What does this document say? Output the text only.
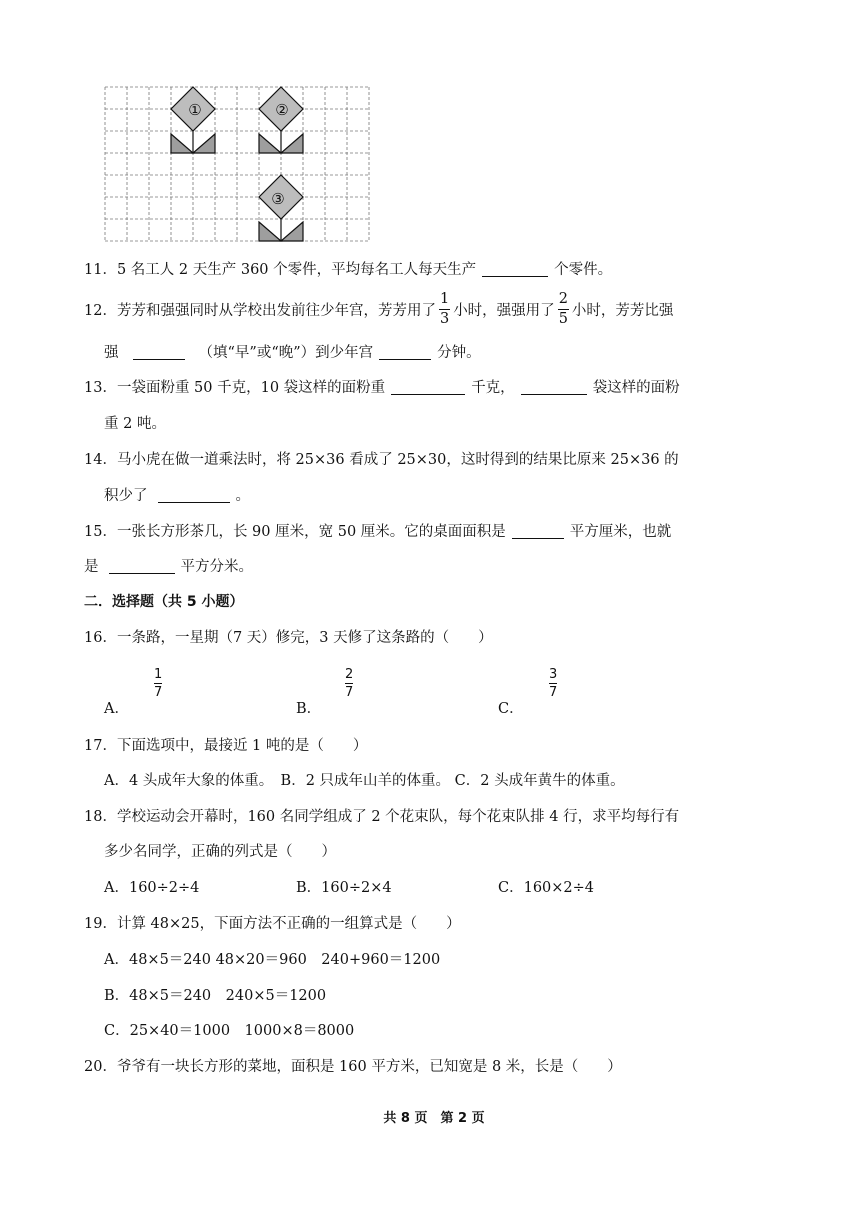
①	②
③
11．5 名工人 2 天生产 360 个零件，平均每名工人每天生产	个零件。
12． 芳芳和强强同时从学校出发前往少年宫，芳芳用了 $\frac{1}{3}$ 小时，强强用了 $\frac{2}{5}$ 小时，芳芳比强
强	（填“早”或“晚”）到少年宫	分钟。
13．一袋面粉重 50 千克，10 袋这样的面粉重	千克，	袋这样的面粉
重 2 吨。
14．马小虎在做一道乘法时，将 25×36 看成了 25×30，这时得到的结果比原来 25×36 的
积少了	。
15．一张长方形茶几，长 90 厘米，宽 50 厘米。它的桌面面积是	平方厘米，也就
是	平方分米。
二．选择题（共 5 小题）
16．一条路，一星期（7 天）修完，3 天修了这条路的（　　）
A．
$\frac{1}{7}$
B．
$\frac{2}{7}$
C．
$\frac{3}{7}$
17．下面选项中，最接近 1 吨的是（　　）
A．4 头成年大象的体重。　B．2 只成年山羊的体重。 C．2 头成年黄牛的体重。
18．学校运动会开幕时，160 名同学组成了 2 个花束队，每个花束队排 4 行，求平均每行有
多少名同学，正确的列式是（　　）
A．160÷2÷4	B．160÷2×4	C．160×2÷4
19．计算 48×25，下面方法不正确的一组算式是（　　）
A．48×5＝240 48×20＝960　240+960＝1200
B．48×5＝240　240×5＝1200
C．25×40＝1000　1000×8＝8000
20．爷爷有一块长方形的菜地，面积是 160 平方米，已知宽是 8 米，长是（　　）
共 8 页　第 2 页
